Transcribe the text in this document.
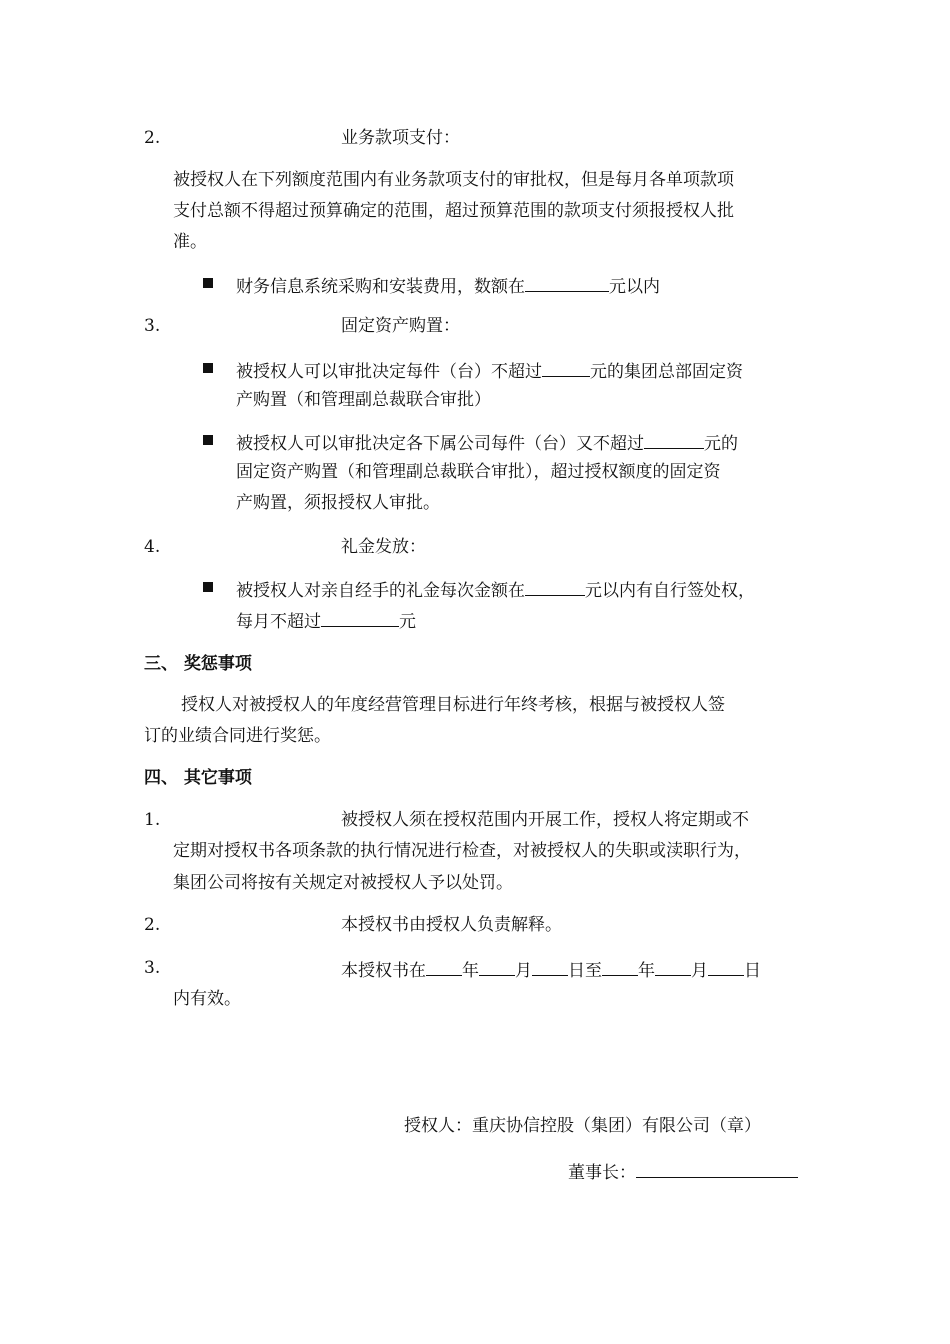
2.	业务款项支付：
被授权人在下列额度范围内有业务款项支付的审批权，但是每月各单项款项
支付总额不得超过预算确定的范围，超过预算范围的款项支付须报授权人批
准。
财务信息系统采购和安装费用，数额在	元以内
3.	固定资产购置：
被授权人可以审批决定每件（台）不超过	元的集团总部固定资
产购置（和管理副总裁联合审批）
被授权人可以审批决定各下属公司每件（台）又不超过	元的
固定资产购置（和管理副总裁联合审批），超过授权额度的固定资
产购置，须报授权人审批。
4.	礼金发放：
被授权人对亲自经手的礼金每次金额在	元以内有自行签处权，
每月不超过	元
三、 奖惩事项
授权人对被授权人的年度经营管理目标进行年终考核，根据与被授权人签
订的业绩合同进行奖惩。
四、 其它事项
1.	被授权人须在授权范围内开展工作，授权人将定期或不
定期对授权书各项条款的执行情况进行检查，对被授权人的失职或渎职行为，
集团公司将按有关规定对被授权人予以处罚。
2.	本授权书由授权人负责解释。
3.	本授权书在 年 月 日至 年 月 日
内有效。
授权人：重庆协信控股（集团）有限公司（章）
董事长：
